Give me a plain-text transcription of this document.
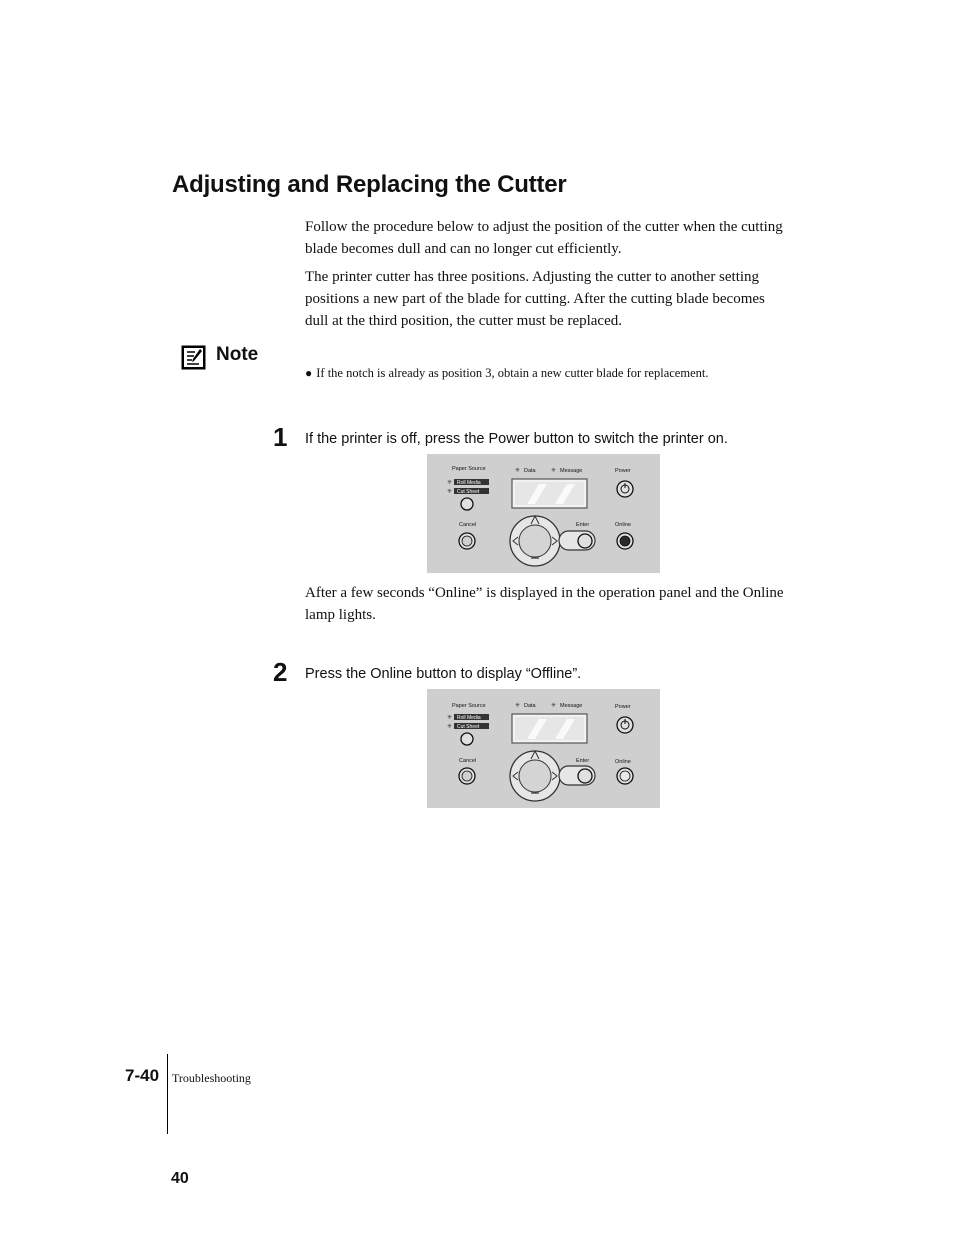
Adjusting and Replacing the Cutter
Follow the procedure below to adjust the position of the cutter when the cutting blade becomes dull and can no longer cut efficiently.
The printer cutter has three positions. Adjusting the cutter to another setting positions a new part of the blade for cutting. After the cutting blade becomes dull at the third position, the cutter must be replaced.
Note
● If the notch is already as position 3, obtain a new cutter blade for replacement.
1	If the printer is off, press the Power button to switch the printer on.
Paper Source
✳ Roll Media
✳ Cut Sheet
✳ Data	✳ Message	Power
Cancel	Enter	Online
After a few seconds “Online” is displayed in the operation panel and the Online lamp lights.
2	Press the Online button to display “Offline”.
Paper Source
✳ Roll Media
✳ Cut Sheet
✳ Data	✳ Message	Power
Cancel	Enter	Online
7-40 Troubleshooting
40
